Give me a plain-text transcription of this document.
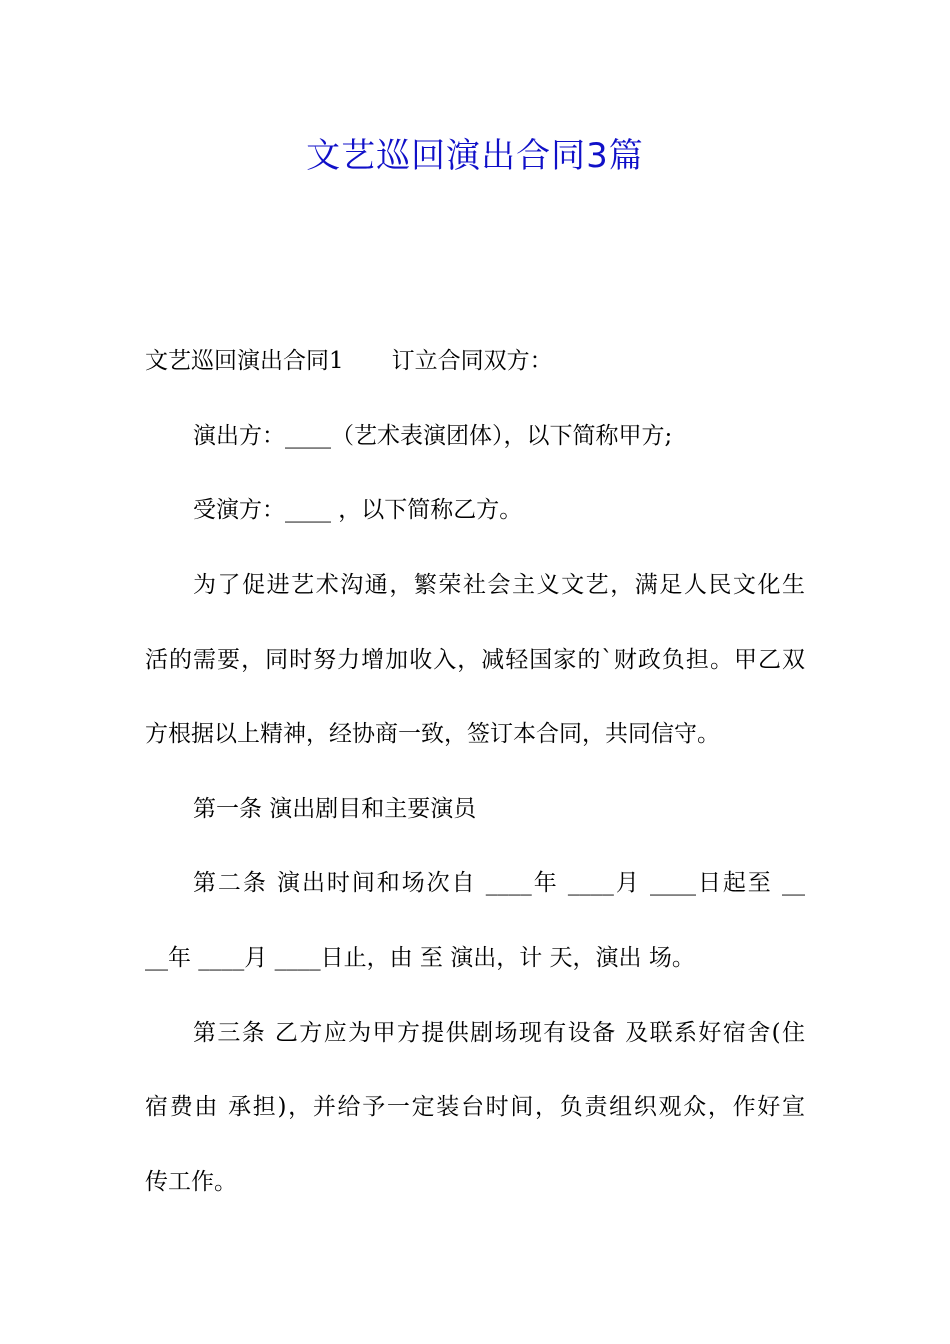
文艺巡回演出合同3篇
文艺巡回演出合同1 订立合同双方：
演出方：____（艺术表演团体），以下简称甲方;
受演方：____ ，以下简称乙方。
为了促进艺术沟通，繁荣社会主义文艺，满足人民文化生
活的需要，同时努力增加收入，减轻国家的`财政负担。甲乙双
方根据以上精神，经协商一致，签订本合同，共同信守。
第一条 演出剧目和主要演员
第二条 演出时间和场次自 ____年 ____月 ____日起至 __
__年 ____月 ____日止，由 至 演出，计 天，演出 场。
第三条 乙方应为甲方提供剧场现有设备 及联系好宿舍(住
宿费由 承担)，并给予一定装台时间，负责组织观众，作好宣
传工作。
